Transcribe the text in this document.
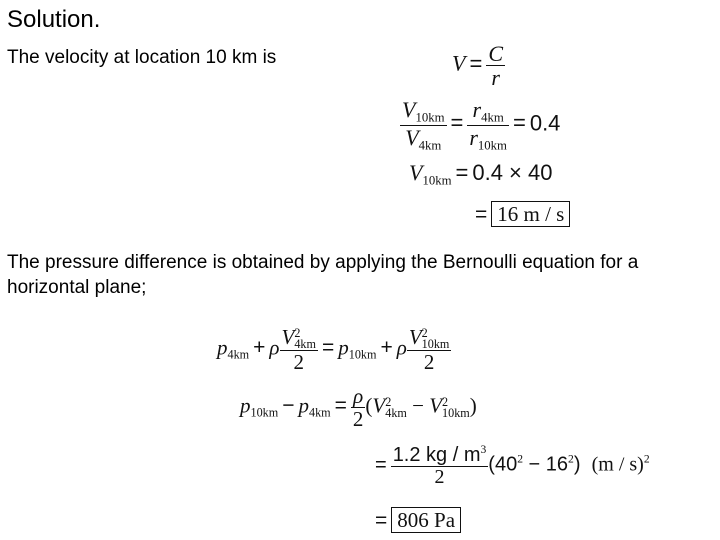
Solution.
The velocity at location 10 km is	$V = \frac{C}{r}$
$\frac{V_{10km}}{V_{4km}} = \frac{r_{4km}}{r_{10km}} = 0.4$
$V_{10km} = 0.4 \times 40$
= 16 m / s
The pressure difference is obtained by applying the Bernoulli equation for a horizontal plane;
$p_{4km} + \rho$ V 2
4km
$2 = p_{10km} + \rho$ V 2
10km
2
$p_{10km} - p_{4km} = \frac{\rho}{2} (V$ 2
4km − V 2
10km )
= $\frac{1.2 kg / m^3}{2} (40^2 - 16^2)$  (m / s)$^2$
= 806 Pa
